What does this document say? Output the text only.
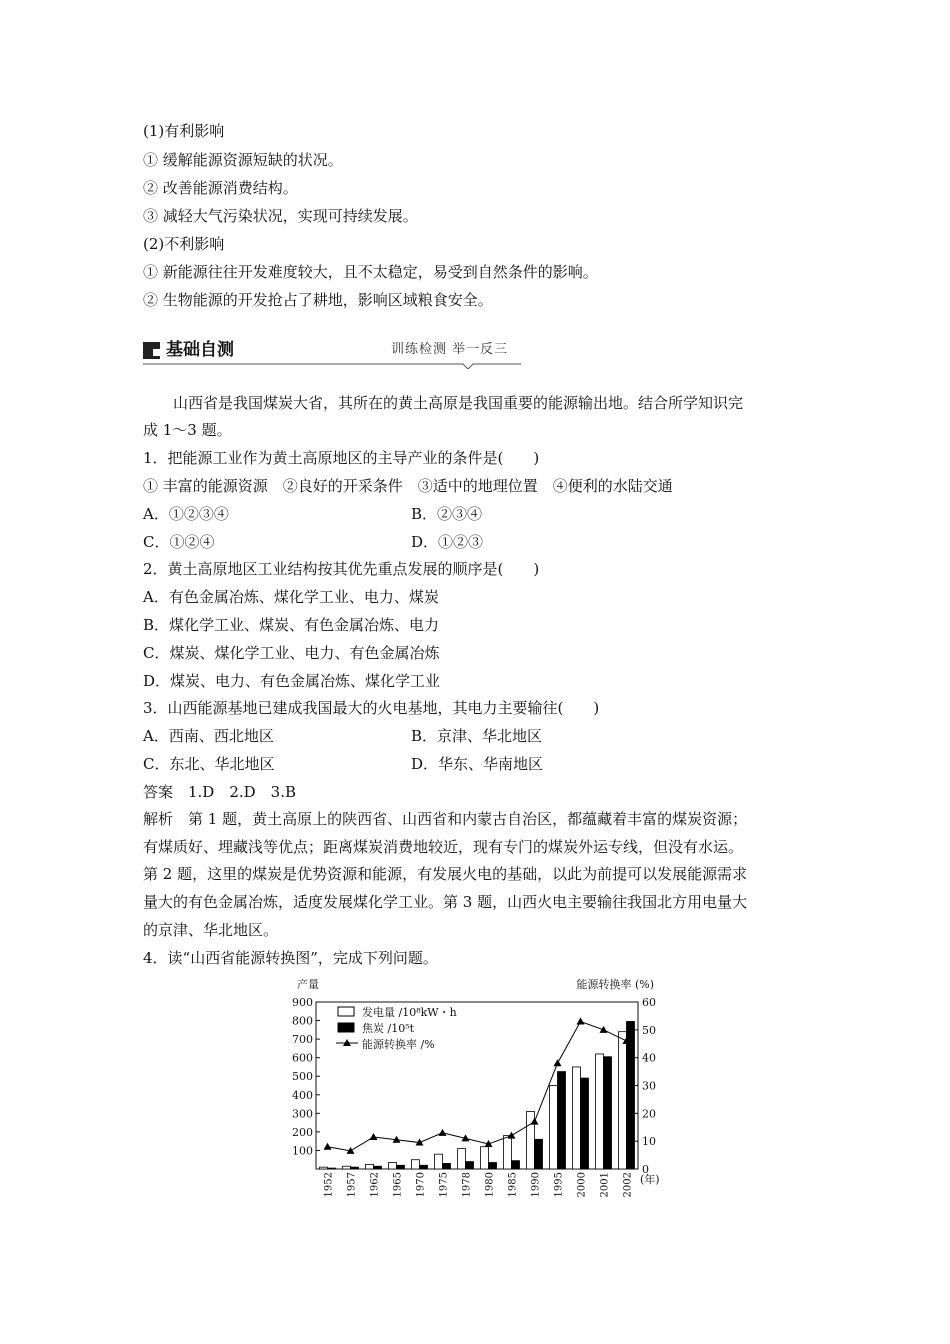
(1)有利影响
① 缓解能源资源短缺的状况。
② 改善能源消费结构。
③ 减轻大气污染状况，实现可持续发展。
(2)不利影响
① 新能源往往开发难度较大，且不太稳定，易受到自然条件的影响。
② 生物能源的开发抢占了耕地，影响区域粮食安全。
基础自测	训练检测 举一反三
山西省是我国煤炭大省，其所在的黄土高原是我国重要的能源输出地。结合所学知识完
成 1～3 题。
1．把能源工业作为黄土高原地区的主导产业的条件是(　　)
① 丰富的能源资源　②良好的开采条件　③适中的地理位置　④便利的水陆交通
A．①②③④	B．②③④
C．①②④	D．①②③
2．黄土高原地区工业结构按其优先重点发展的顺序是(　　)
A．有色金属冶炼、煤化学工业、电力、煤炭
B．煤化学工业、煤炭、有色金属冶炼、电力
C．煤炭、煤化学工业、电力、有色金属冶炼
D．煤炭、电力、有色金属冶炼、煤化学工业
3．山西能源基地已建成我国最大的火电基地，其电力主要输往(　　)
A．西南、西北地区	B．京津、华北地区
C．东北、华北地区	D．华东、华南地区
答案　1.D　2.D　3.B
解析　第 1 题，黄土高原上的陕西省、山西省和内蒙古自治区，都蕴藏着丰富的煤炭资源；
有煤质好、埋藏浅等优点；距离煤炭消费地较近，现有专门的煤炭外运专线，但没有水运。
第 2 题，这里的煤炭是优势资源和能源，有发展火电的基础，以此为前提可以发展能源需求
量大的有色金属冶炼，适度发展煤化学工业。第 3 题，山西火电主要输往我国北方用电量大
的京津、华北地区。
4．读“山西省能源转换图”，完成下列问题。
产量	能源转换率 (%)
100
200
300
400
500
600
700
800
900
0
10
20
30
40
50
60
1952 1957 1962 1965 1970 1975 1978 1980 1985 1990 1995 2000 2001 2002 (年)
发电量 /10⁸kW・h
焦炭 /10⁵t
能源转换率 /%
